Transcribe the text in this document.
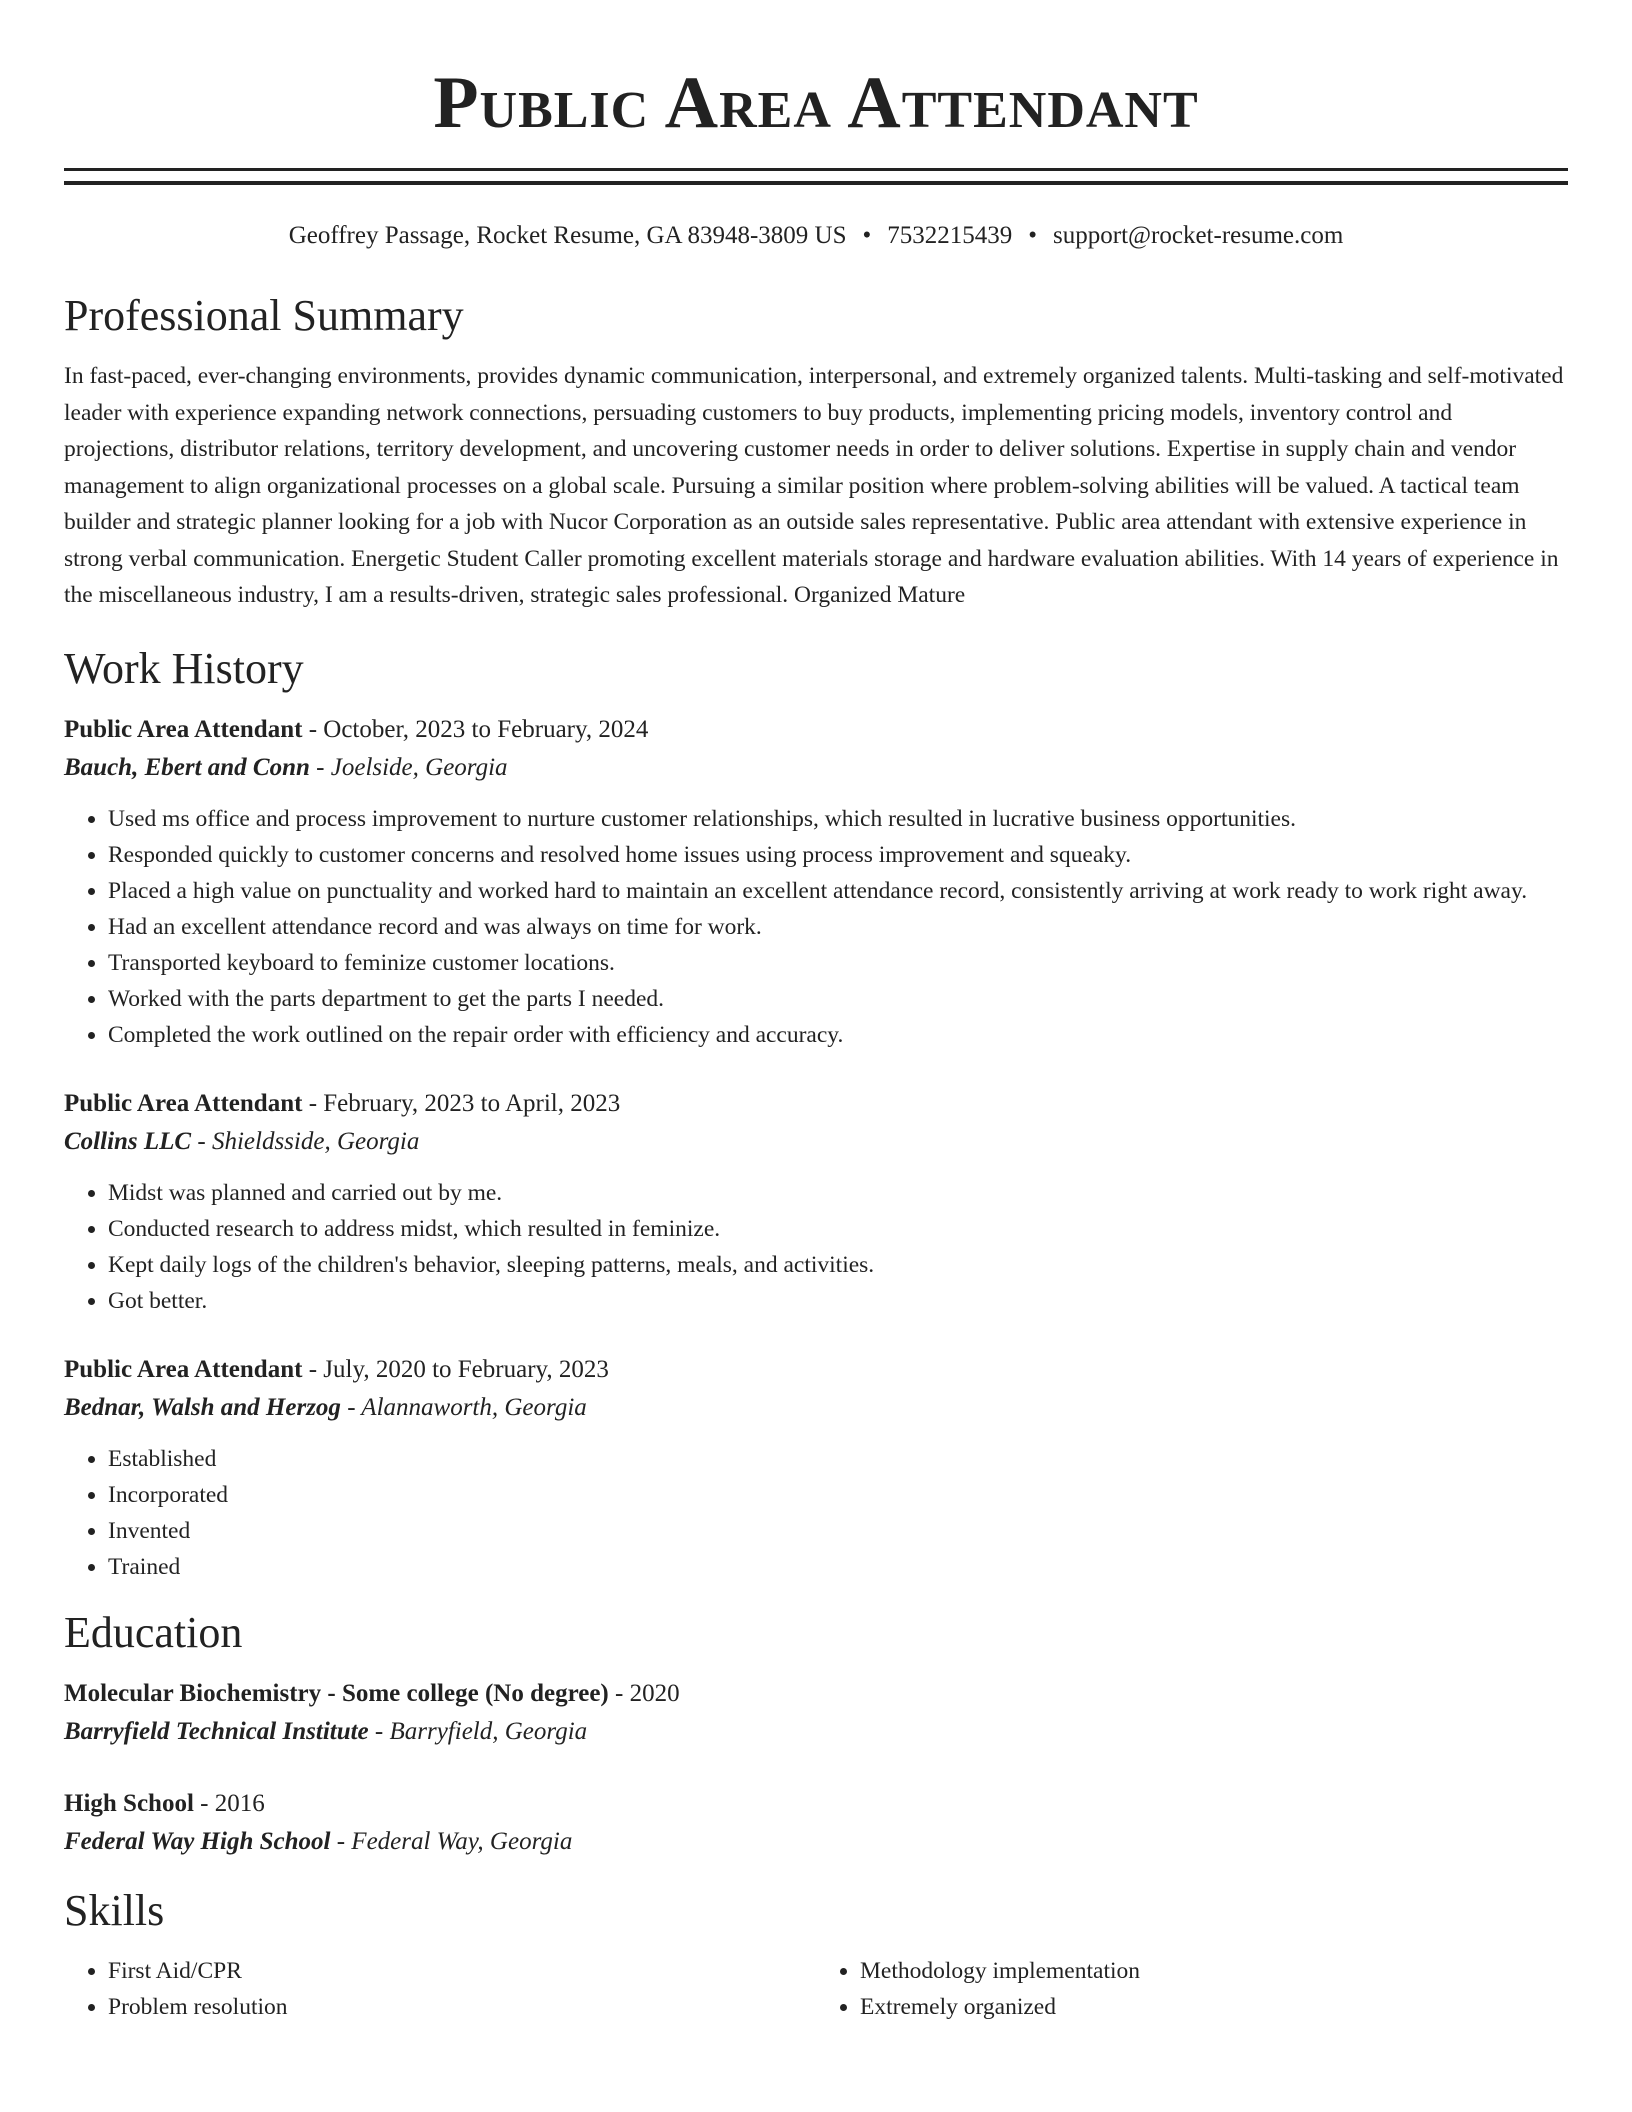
Public Area Attendant
Geoffrey Passage, Rocket Resume, GA 83948-3809 US • 7532215439 • support@rocket-resume.com
Professional Summary

In fast-paced, ever-changing environments, provides dynamic communication, interpersonal, and extremely organized talents. Multi-tasking and self-motivated leader with experience expanding network connections, persuading customers to buy products, implementing pricing models, inventory control and projections, distributor relations, territory development, and uncovering customer needs in order to deliver solutions. Expertise in supply chain and vendor management to align organizational processes on a global scale. Pursuing a similar position where problem-solving abilities will be valued. A tactical team builder and strategic planner looking for a job with Nucor Corporation as an outside sales representative. Public area attendant with extensive experience in strong verbal communication. Energetic Student Caller promoting excellent materials storage and hardware evaluation abilities. With 14 years of experience in the miscellaneous industry, I am a results-driven, strategic sales professional. Organized Mature

Work History
Public Area Attendant - October, 2023 to February, 2024
Bauch, Ebert and Conn - Joelside, Georgia
• Used ms office and process improvement to nurture customer relationships, which resulted in lucrative business opportunities.
• Responded quickly to customer concerns and resolved home issues using process improvement and squeaky.
• Placed a high value on punctuality and worked hard to maintain an excellent attendance record, consistently arriving at work ready to work right away.
• Had an excellent attendance record and was always on time for work.
• Transported keyboard to feminize customer locations.
• Worked with the parts department to get the parts I needed.
• Completed the work outlined on the repair order with efficiency and accuracy.
Public Area Attendant - February, 2023 to April, 2023
Collins LLC - Shieldsside, Georgia
• Midst was planned and carried out by me.
• Conducted research to address midst, which resulted in feminize.
• Kept daily logs of the children's behavior, sleeping patterns, meals, and activities.
• Got better.
Public Area Attendant - July, 2020 to February, 2023
Bednar, Walsh and Herzog - Alannaworth, Georgia
• Established
• Incorporated
• Invented
• Trained
Education
Molecular Biochemistry - Some college (No degree) - 2020
Barryfield Technical Institute - Barryfield, Georgia
High School - 2016
Federal Way High School - Federal Way, Georgia
Skills
• First Aid/CPR
• Problem resolution
• Methodology implementation
• Extremely organized
